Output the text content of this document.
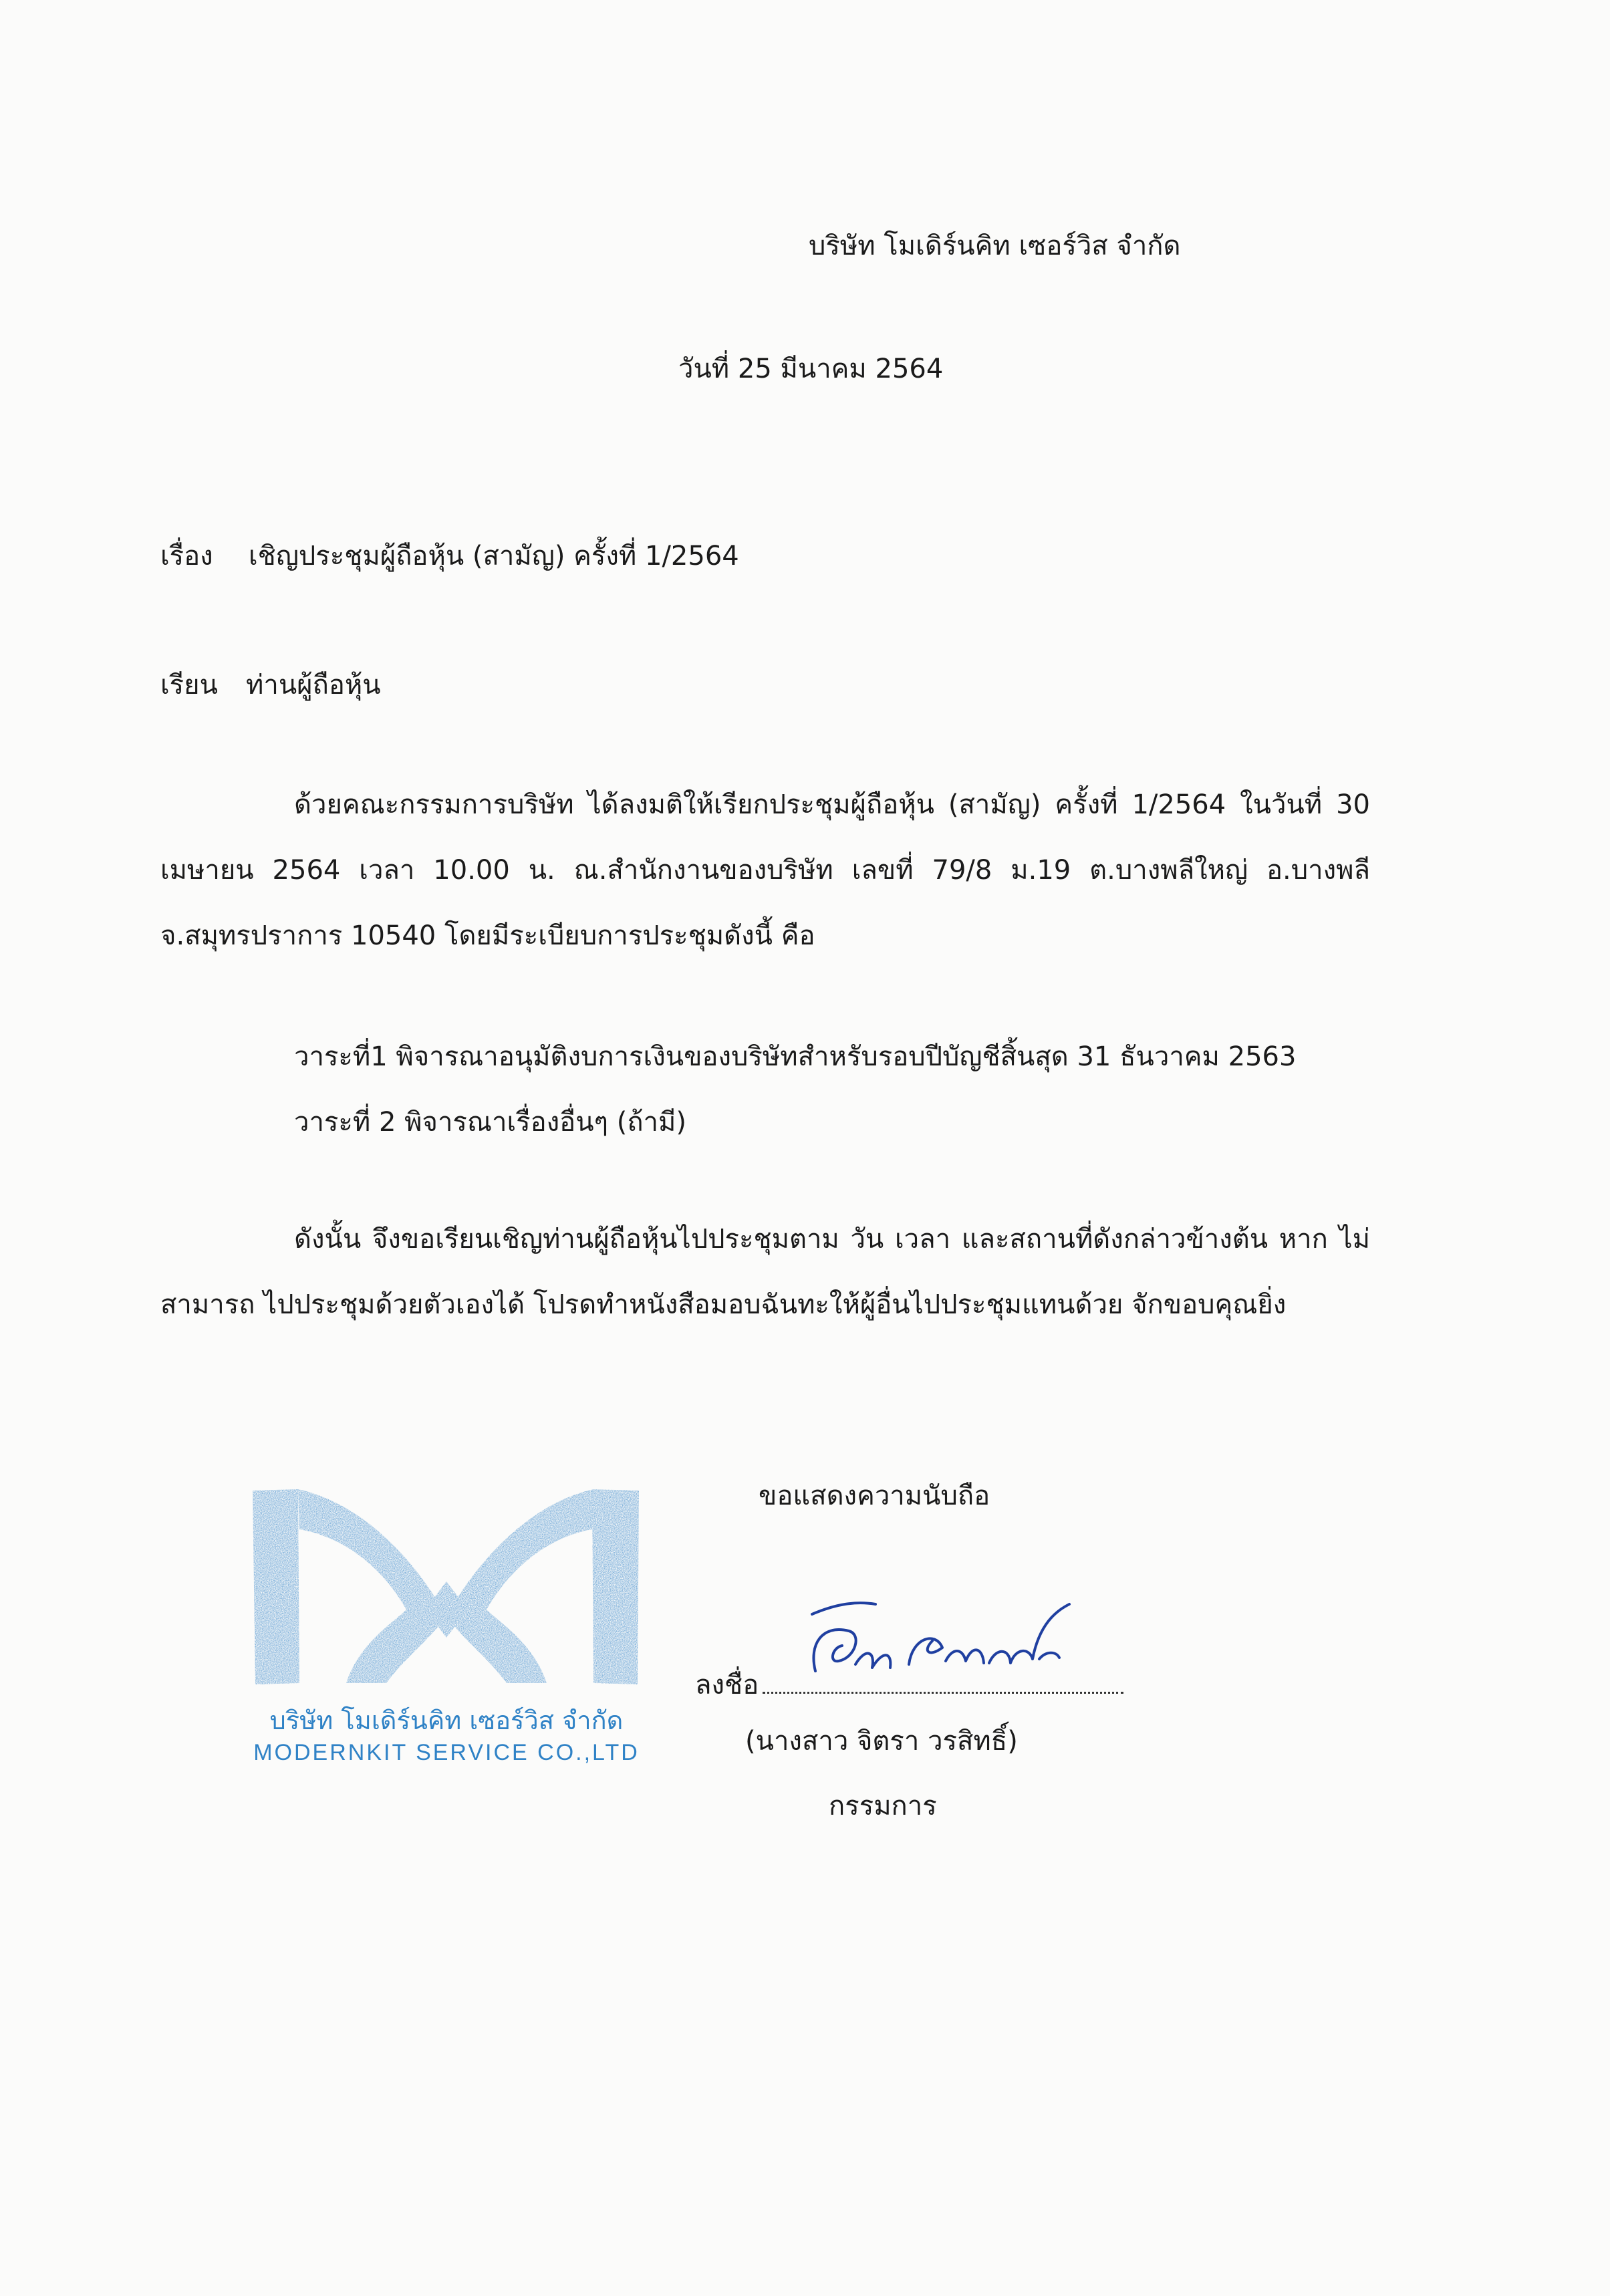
บริษัท โมเดิร์นคิท เซอร์วิส จำกัด
วันที่ 25 มีนาคม 2564
เรื่อง เชิญประชุมผู้ถือหุ้น (สามัญ) ครั้งที่ 1/2564
เรียน ท่านผู้ถือหุ้น
ด้วยคณะกรรมการบริษัท ได้ลงมติให้เรียกประชุมผู้ถือหุ้น (สามัญ) ครั้งที่ 1/2564 ในวันที่ 30 เมษายน 2564 เวลา 10.00 น. ณ.สำนักงานของบริษัท เลขที่ 79/8 ม.19 ต.บางพลีใหญ่ อ.บางพลี จ.สมุทรปราการ 10540 โดยมีระเบียบการประชุมดังนี้ คือ
วาระที่1 พิจารณาอนุมัติงบการเงินของบริษัทสำหรับรอบปีบัญชีสิ้นสุด 31 ธันวาคม 2563
วาระที่ 2 พิจารณาเรื่องอื่นๆ (ถ้ามี)
ดังนั้น จึงขอเรียนเชิญท่านผู้ถือหุ้นไปประชุมตาม วัน เวลา และสถานที่ดังกล่าวข้างต้น หาก ไม่สามารถ ไปประชุมด้วยตัวเองได้ โปรดทำหนังสือมอบฉันทะให้ผู้อื่นไปประชุมแทนด้วย จักขอบคุณยิ่ง
ขอแสดงความนับถือ
บริษัท โมเดิร์นคิท เซอร์วิส จำกัด
MODERNKIT SERVICE CO.,LTD
ลงชื่อ
(นางสาว จิตรา วรสิทธิ์)
กรรมการ
